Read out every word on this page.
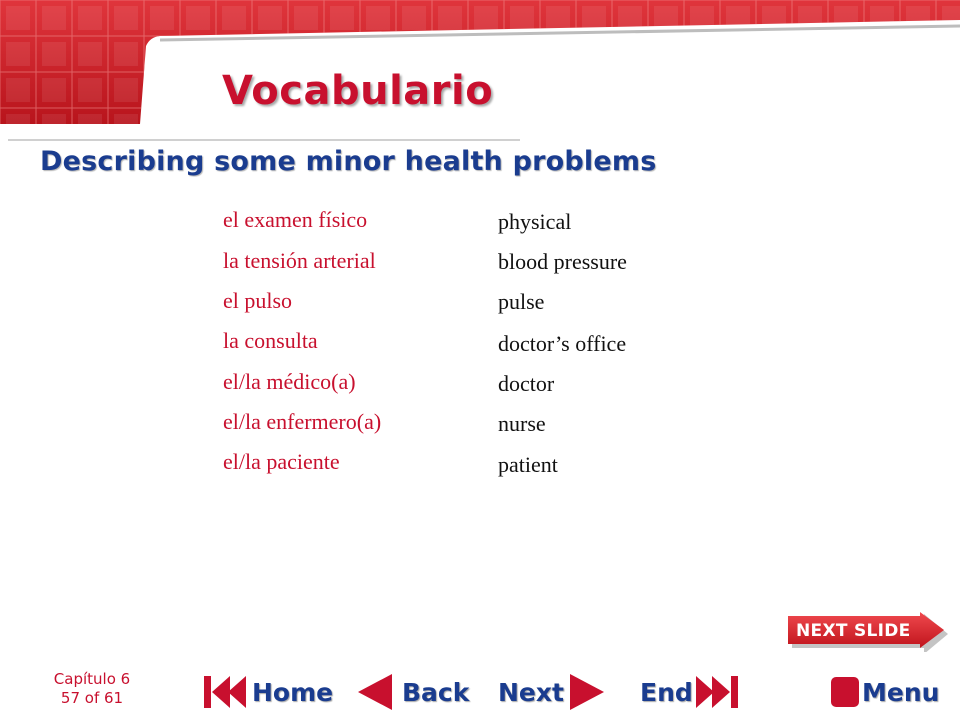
Vocabulario
Describing some minor health problems
el examen físico	physical
la tensión arterial	blood pressure
el pulso	pulse
la consulta	doctor’s office
el/la médico(a)	doctor
el/la enfermero(a)	nurse
el/la paciente	patient
NEXT SLIDE
Capítulo 6
57 of 61	Home	Back Next	End	Menu
